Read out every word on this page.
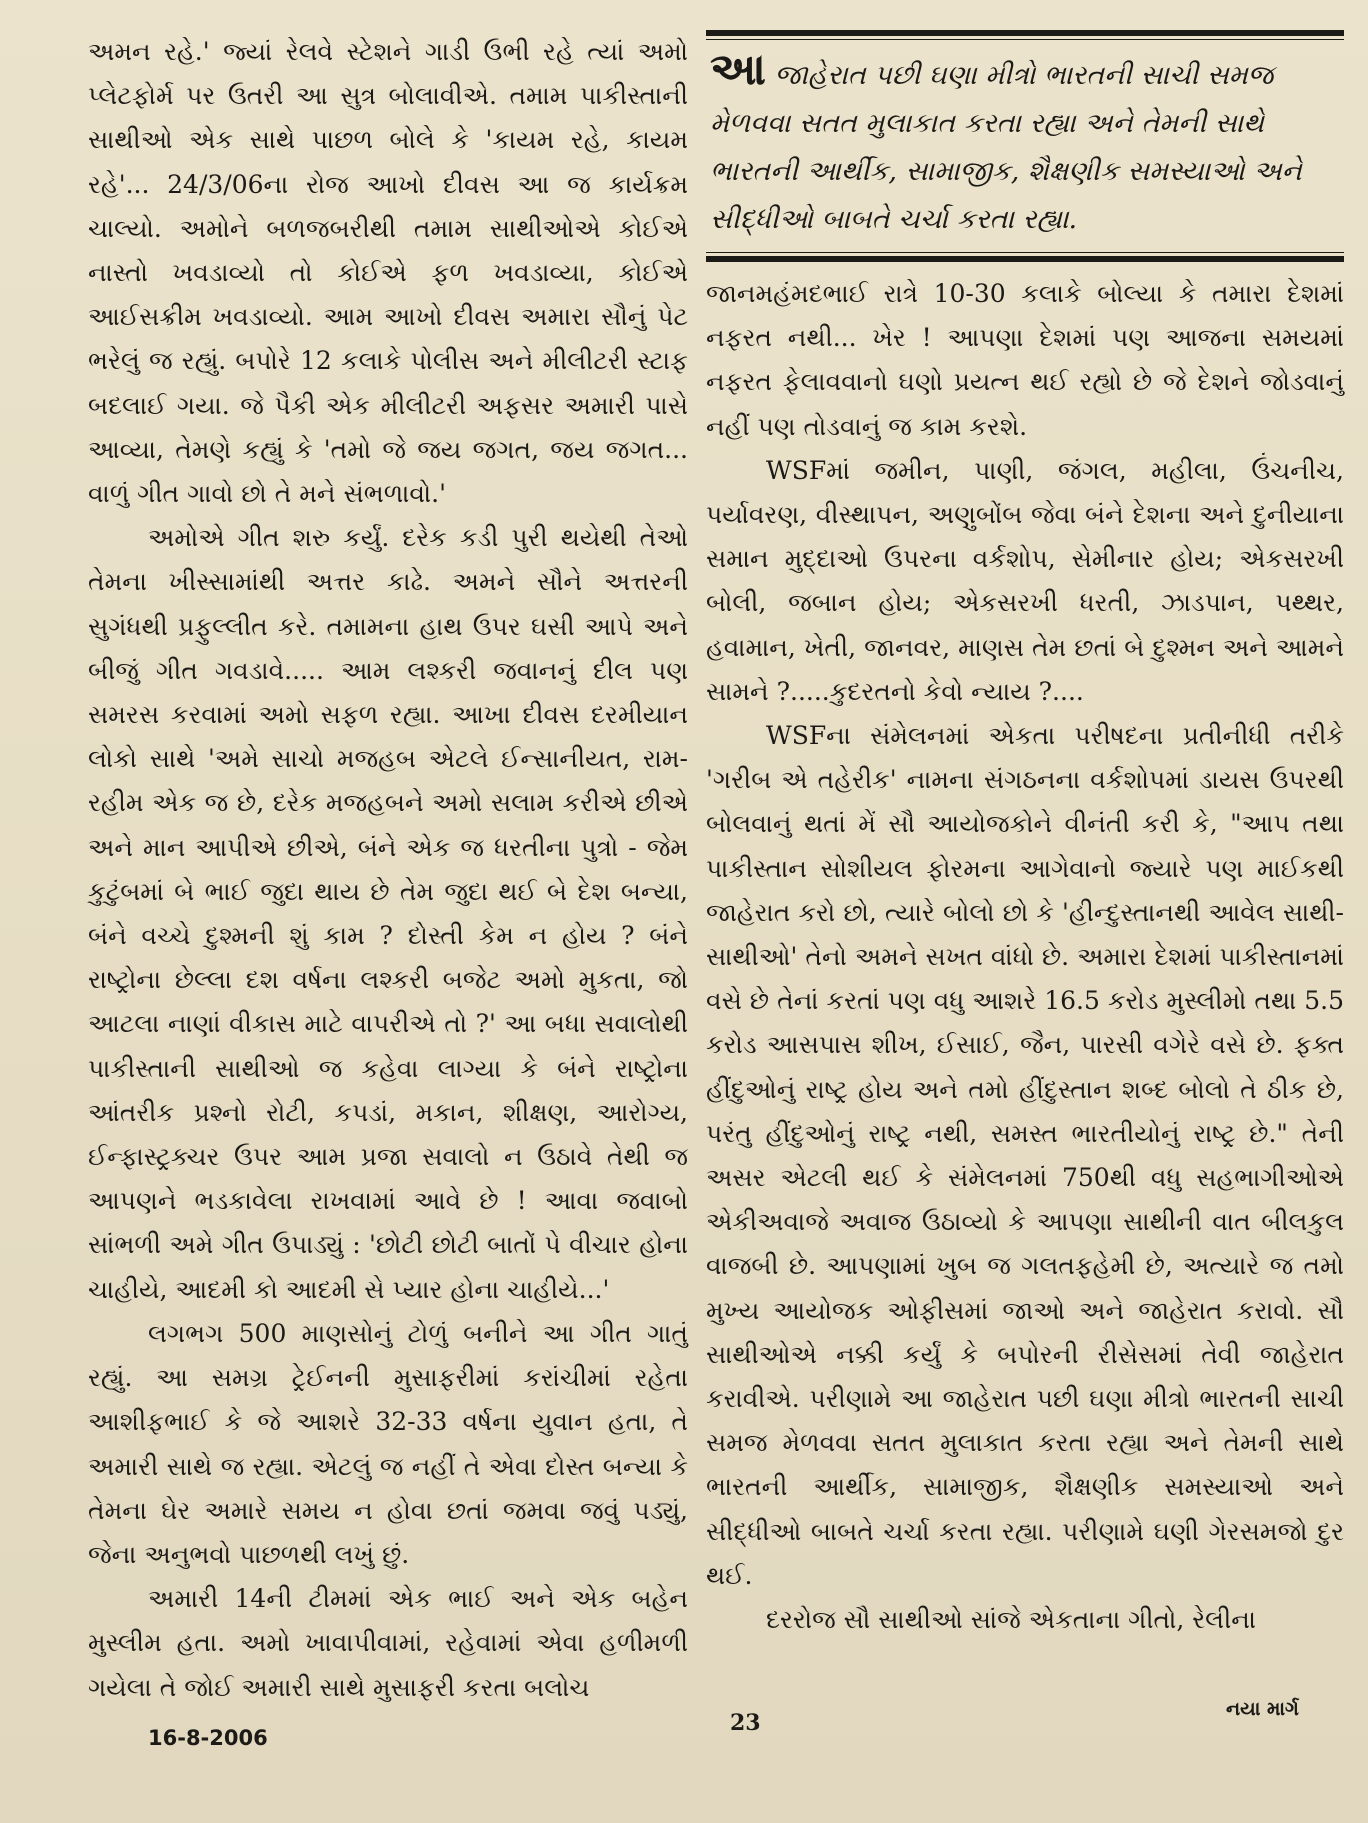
અમન રહે.' જ્યાં રેલવે સ્ટેશને ગાડી ઉભી રહે ત્યાં અમો પ્લેટફોર્મ પર ઉતરી આ સુત્ર બોલાવીએ. તમામ પાકીસ્તાની સાથીઓ એક સાથે પાછળ બોલે કે 'કાયમ રહે, કાયમ રહે'... 24/3/06ના રોજ આખો દીવસ આ જ કાર્યક્રમ ચાલ્યો. અમોને બળજબરીથી તમામ સાથીઓએ કોઈએ નાસ્તો ખવડાવ્યો તો કોઈએ ફળ ખવડાવ્યા, કોઈએ આઈસક્રીમ ખવડાવ્યો. આમ આખો દીવસ અમારા સૌનું પેટ ભરેલું જ રહ્યું. બપોરે 12 કલાકે પોલીસ અને મીલીટરી સ્ટાફ બદલાઈ ગયા. જે પૈકી એક મીલીટરી અફસર અમારી પાસે આવ્યા, તેમણે કહ્યું કે 'તમો જે જય જગત, જય જગત... વાળું ગીત ગાવો છો તે મને સંભળાવો.'

અમોએ ગીત શરુ કર્યું. દરેક કડી પુરી થયેથી તેઓ તેમના ખીસ્સામાંથી અત્તર કાઢે. અમને સૌને અત્તરની સુગંધથી પ્રફુલ્લીત કરે. તમામના હાથ ઉપર ઘસી આપે અને બીજું ગીત ગવડાવે..... આમ લશ્કરી જવાનનું દીલ પણ સમરસ કરવામાં અમો સફળ રહ્યા. આખા દીવસ દરમીયાન લોકો સાથે 'અમે સાચો મજહબ એટલે ઈન્સાનીયત, રામ-રહીમ એક જ છે, દરેક મજહબને અમો સલામ કરીએ છીએ અને માન આપીએ છીએ, બંને એક જ ધરતીના પુત્રો - જેમ કુટુંબમાં બે ભાઈ જુદા થાય છે તેમ જુદા થઈ બે દેશ બન્યા, બંને વચ્ચે દુશ્મની શું કામ ? દોસ્તી કેમ ન હોય ? બંને રાષ્ટ્રોના છેલ્લા દશ વર્ષના લશ્કરી બજેટ અમો મુકતા, જો આટલા નાણાં વીકાસ માટે વાપરીએ તો ?' આ બધા સવાલોથી પાકીસ્તાની સાથીઓ જ કહેવા લાગ્યા કે બંને રાષ્ટ્રોના આંતરીક પ્રશ્નો રોટી, કપડાં, મકાન, શીક્ષણ, આરોગ્ય, ઈન્ફાસ્ટ્રક્ચર ઉપર આમ પ્રજા સવાલો ન ઉઠાવે તેથી જ આપણને ભડકાવેલા રાખવામાં આવે છે ! આવા જવાબો સાંભળી અમે ગીત ઉપાડ્યું : 'છોટી છોટી બાતોં પે વીચાર હોના ચાહીયે, આદમી કો આદમી સે પ્યાર હોના ચાહીયે...'

લગભગ 500 માણસોનું ટોળું બનીને આ ગીત ગાતું રહ્યું. આ સમગ્ર ટ્રેઈનની મુસાફરીમાં કરાંચીમાં રહેતા આશીફભાઈ કે જે આશરે 32-33 વર્ષના યુવાન હતા, તે અમારી સાથે જ રહ્યા. એટલું જ નહીં તે એવા દોસ્ત બન્યા કે તેમના ઘેર અમારે સમય ન હોવા છતાં જમવા જવું પડ્યું, જેના અનુભવો પાછળથી લખું છું.

અમારી 14ની ટીમમાં એક ભાઈ અને એક બહેન મુસ્લીમ હતા. અમો ખાવાપીવામાં, રહેવામાં એવા હળીમળી ગયેલા તે જોઈ અમારી સાથે મુસાફરી કરતા બલોચ

આ જાહેરાત પછી ઘણા મીત્રો ભારતની સાચી સમજ મેળવવા સતત મુલાકાત કરતા રહ્યા અને તેમની સાથે ભારતની આર્થીક, સામાજીક, શૈક્ષણીક સમસ્યાઓ અને સીદ્ધીઓ બાબતે ચર્ચા કરતા રહ્યા.

જાનમહંમદભાઈ રાત્રે 10-30 કલાકે બોલ્યા કે તમારા દેશમાં નફરત નથી... ખેર ! આપણા દેશમાં પણ આજના સમયમાં નફરત ફેલાવવાનો ઘણો પ્રયત્ન થઈ રહ્યો છે જે દેશને જોડવાનું નહીં પણ તોડવાનું જ કામ કરશે.

WSFમાં જમીન, પાણી, જંગલ, મહીલા, ઉંચનીચ, પર્યાવરણ, વીસ્થાપન, અણુબોંબ જેવા બંને દેશના અને દુનીયાના સમાન મુદ્દાઓ ઉપરના વર્કશોપ, સેમીનાર હોય; એકસરખી બોલી, જબાન હોય; એકસરખી ધરતી, ઝાડપાન, પથ્થર, હવામાન, ખેતી, જાનવર, માણસ તેમ છતાં બે દુશ્મન અને આમને સામને ?.....કુદરતનો કેવો ન્યાય ?....

WSFના સંમેલનમાં એકતા પરીષદના પ્રતીનીધી તરીકે 'ગરીબ એ તહેરીક' નામના સંગઠનના વર્કશોપમાં ડાયસ ઉપરથી બોલવાનું થતાં મેં સૌ આયોજકોને વીનંતી કરી કે, "આપ તથા પાકીસ્તાન સોશીયલ ફોરમના આગેવાનો જ્યારે પણ માઈકથી જાહેરાત કરો છો, ત્યારે બોલો છો કે 'હીન્દુસ્તાનથી આવેલ સાથી-સાથીઓ' તેનો અમને સખત વાંધો છે. અમારા દેશમાં પાકીસ્તાનમાં વસે છે તેનાં કરતાં પણ વધુ આશરે 16.5 કરોડ મુસ્લીમો તથા 5.5 કરોડ આસપાસ શીખ, ઈસાઈ, જૈન, પારસી વગેરે વસે છે. ફક્ત હીંદુઓનું રાષ્ટ્ર હોય અને તમો હીંદુસ્તાન શબ્દ બોલો તે ઠીક છે, પરંતુ હીંદુઓનું રાષ્ટ્ર નથી, સમસ્ત ભારતીયોનું રાષ્ટ્ર છે." તેની અસર એટલી થઈ કે સંમેલનમાં 750થી વધુ સહભાગીઓએ એકીઅવાજે અવાજ ઉઠાવ્યો કે આપણા સાથીની વાત બીલકુલ વાજબી છે. આપણામાં ખુબ જ ગલતફહેમી છે, અત્યારે જ તમો મુખ્ય આયોજક ઓફીસમાં જાઓ અને જાહેરાત કરાવો. સૌ સાથીઓએ નક્કી કર્યું કે બપોરની રીસેસમાં તેવી જાહેરાત કરાવીએ. પરીણામે આ જાહેરાત પછી ઘણા મીત્રો ભારતની સાચી સમજ મેળવવા સતત મુલાકાત કરતા રહ્યા અને તેમની સાથે ભારતની આર્થીક, સામાજીક, શૈક્ષણીક સમસ્યાઓ અને સીદ્ધીઓ બાબતે ચર્ચા કરતા રહ્યા. પરીણામે ઘણી ગેરસમજો દુર થઈ.

દરરોજ સૌ સાથીઓ સાંજે એકતાના ગીતો, રેલીના

16-8-2006
23
નયા માર્ગ
